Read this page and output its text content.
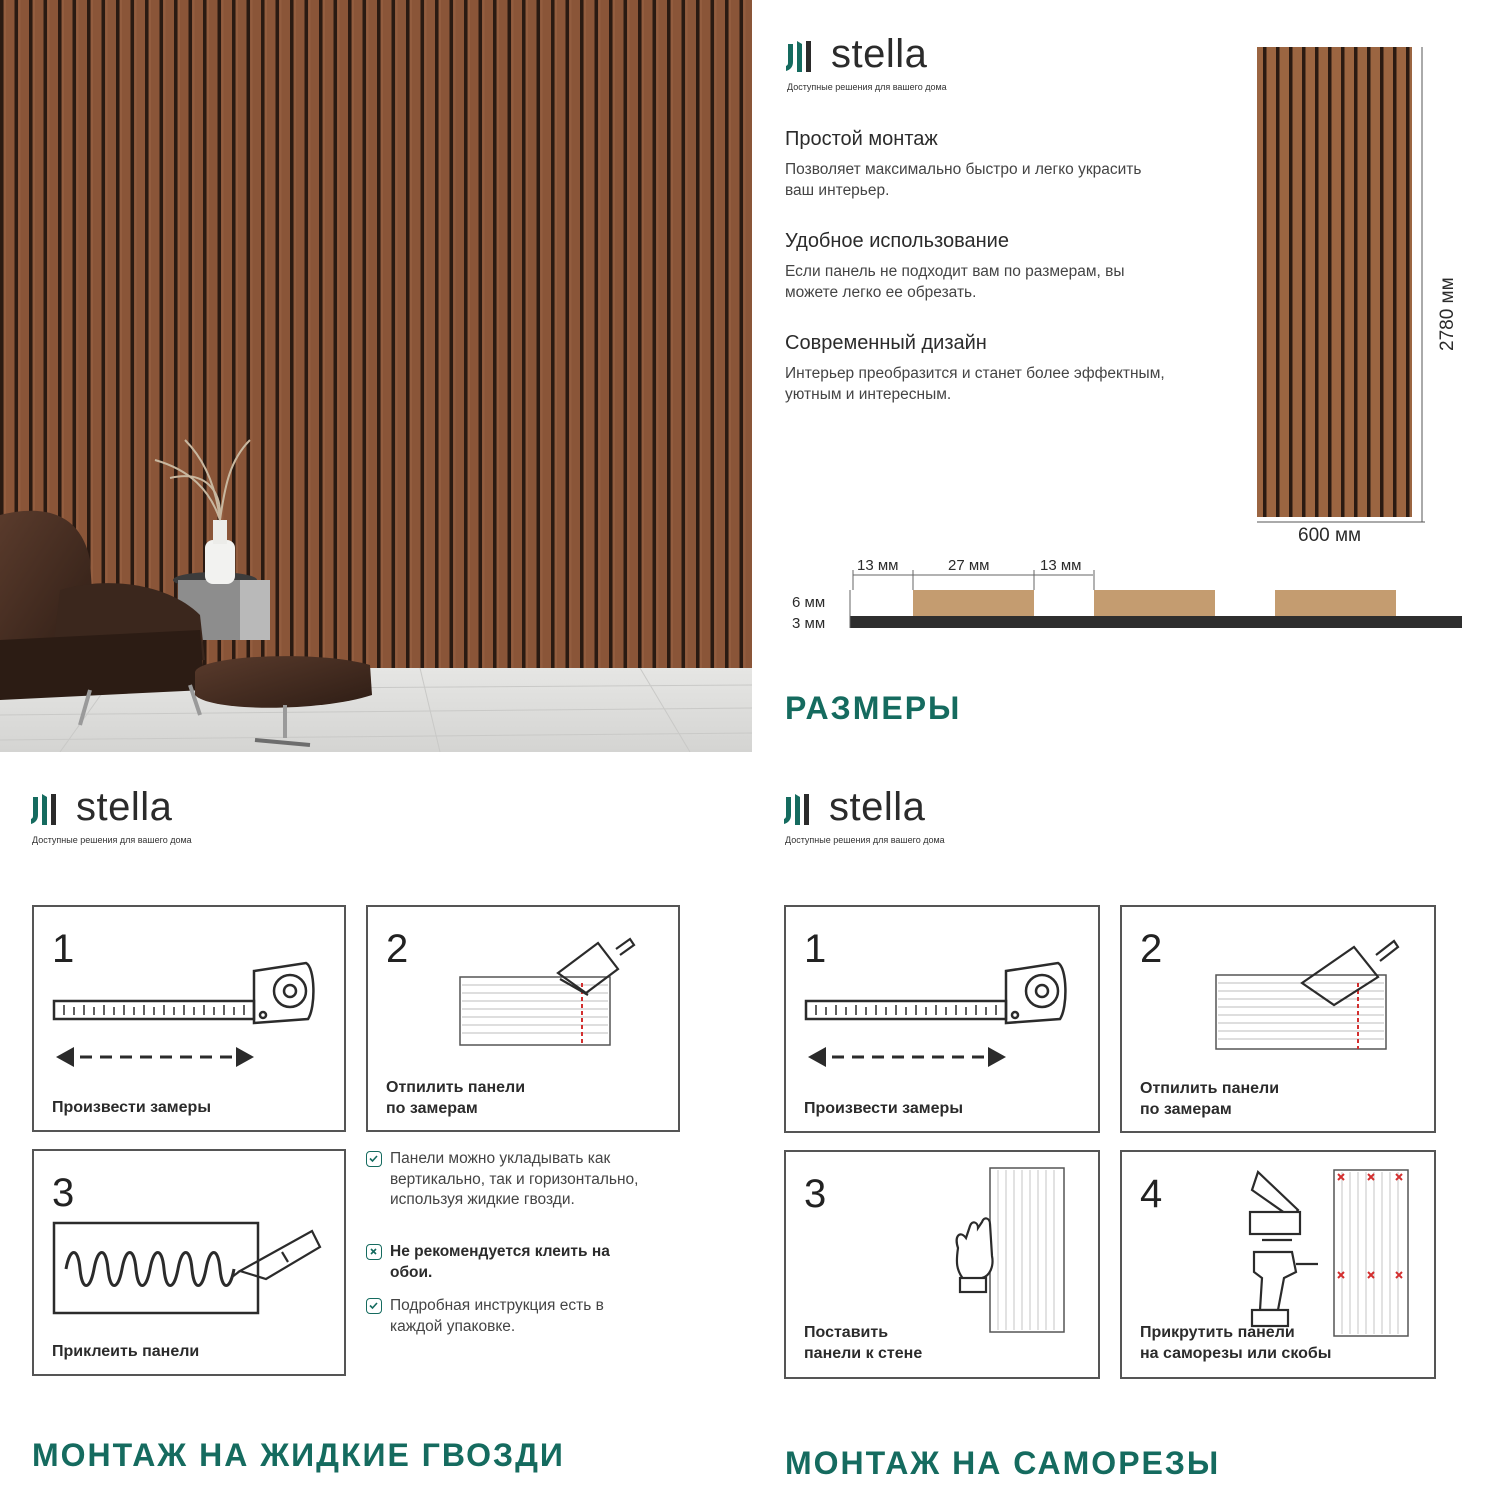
stella
Доступные решения для вашего дома
Простой монтаж
Позволяет максимально быстро и легко украсить ваш интерьер.
Удобное использование
Если панель не подходит вам по размерам, вы можете легко ее обрезать.
Современный дизайн
Интерьер преобразится и станет более эффектным, уютным и интересным.
2780 мм
600 мм
13 мм	27 мм	13 мм
6 мм
3 мм
РАЗМЕРЫ
stella
Доступные решения для вашего дома
1
Произвести замеры
2
Отпилить панели
по замерам
3
Приклеить панели
Панели можно укладывать как вертикально, так и горизонтально, используя жидкие гвозди.
Не рекомендуется клеить на обои.
Подробная инструкция есть в каждой упаковке.
МОНТАЖ НА ЖИДКИЕ ГВОЗДИ
stella
Доступные решения для вашего дома
1
Произвести замеры
2
Отпилить панели
по замерам
3
Поставить
панели к стене
4
Прикрутить панели
на саморезы или скобы
МОНТАЖ НА САМОРЕЗЫ
